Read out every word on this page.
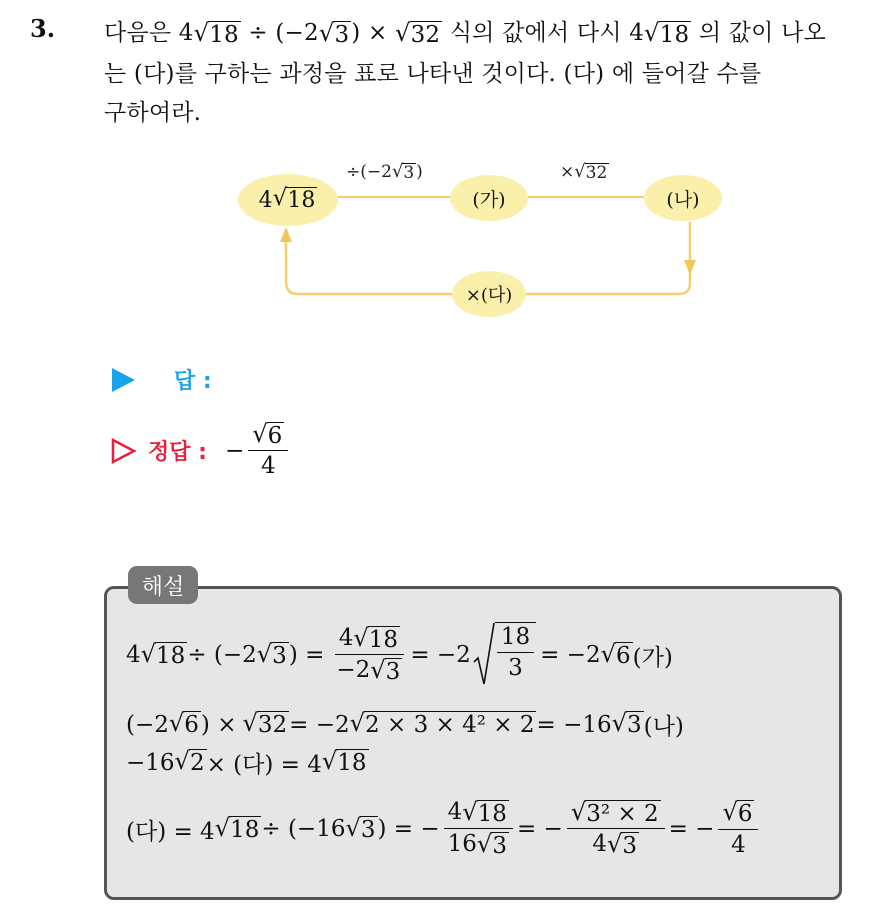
3. 다음은 4 √ 18 ÷ (−2 √ 3 ) × √ 32 식의 값에서 다시 4 √ 18 의 값이 나오
는 (다)를 구하는 과정을 표로 나타낸 것이다. (다) 에 들어갈 수를
구하여라.
4 √ 18	(가)	(나)
×(다)
÷(−2 √ 3 )	× √ 32
답 :
정답 : − $\frac{√ 6}{4}$
해설
4 √ 18 ÷ (−2 √ 3 ) = $\frac{4 √ 18}{-2 √ 3} = -2 \frac{18}{3} = -2$ √ 6 (가)
(−2 √ 6 ) × √ 32 = −2 √ 2 × 3 × 4² × 2 = −16 √ 3 (나)
−16 √ 2 × (다) = 4 √ 18
(다) = 4 √ 18 ÷ (−16 √ 3 ) = − $\frac{4 √ 18}{16 √ 3}$ = − $\frac{\text{√ 3² × 2}}{4 √ 3}$ = − $\frac{√ 6}{4}$
